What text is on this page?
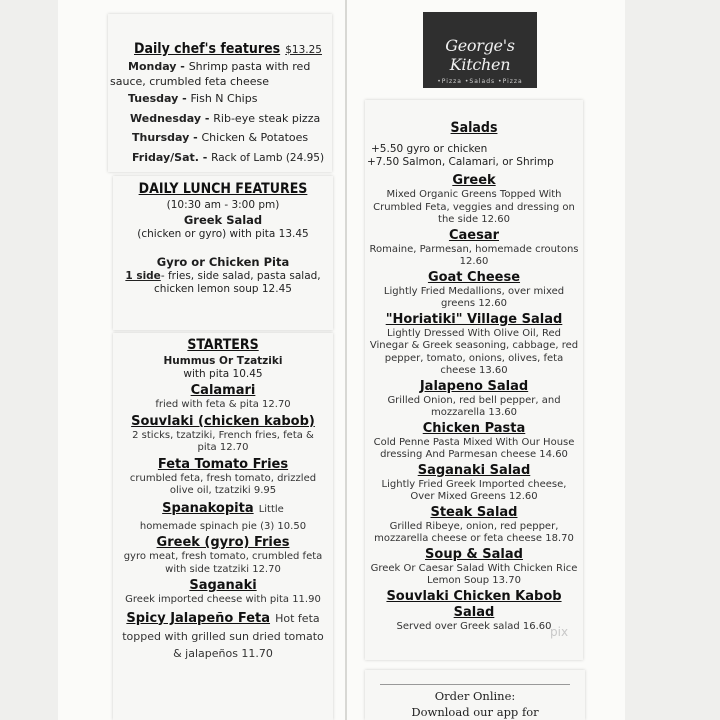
Daily chef's features $13.25
Monday - Shrimp pasta with red
sauce, crumbled feta cheese
Tuesday - Fish N Chips
Wednesday - Rib-eye steak pizza
Thursday - Chicken & Potatoes
Friday/Sat. - Rack of Lamb (24.95)
DAILY LUNCH FEATURES
(10:30 am - 3:00 pm)
Greek Salad
(chicken or gyro) with pita 13.45
Gyro or Chicken Pita
1 side- fries, side salad, pasta salad,
chicken lemon soup 12.45
STARTERS
Hummus Or Tzatziki
with pita 10.45
Calamari
fried with feta & pita 12.70
Souvlaki (chicken kabob)
2 sticks, tzatziki, French fries, feta & pita 12.70
Feta Tomato Fries
crumbled feta, fresh tomato, drizzled olive oil, tzatziki 9.95
Spanakopita Little homemade spinach pie (3) 10.50
Greek (gyro) Fries
gyro meat, fresh tomato, crumbled feta with side tzatziki 12.70
Saganaki
Greek imported cheese with pita 11.90
Spicy Jalapeño Feta Hot feta topped with grilled sun dried tomato & jalapeños 11.70
George's Kitchen
•Pizza •Salads •Pizza
Salads
+5.50 gyro or chicken
+7.50 Salmon, Calamari, or Shrimp
Greek
Mixed Organic Greens Topped With Crumbled Feta, veggies and dressing on the side 12.60
Caesar
Romaine, Parmesan, homemade croutons 12.60
Goat Cheese
Lightly Fried Medallions, over mixed greens 12.60
"Horiatiki" Village Salad
Lightly Dressed With Olive Oil, Red Vinegar & Greek seasoning, cabbage, red pepper, tomato, onions, olives, feta cheese 13.60
Jalapeno Salad
Grilled Onion, red bell pepper, and mozzarella 13.60
Chicken Pasta
Cold Penne Pasta Mixed With Our House dressing And Parmesan cheese 14.60
Saganaki Salad
Lightly Fried Greek Imported cheese, Over Mixed Greens 12.60
Steak Salad
Grilled Ribeye, onion, red pepper, mozzarella cheese or feta cheese 18.70
Soup & Salad
Greek Or Caesar Salad With Chicken Rice Lemon Soup 13.70
Souvlaki Chicken Kabob Salad
Served over Greek salad 16.60
pix
Order Online:
Download our app for
